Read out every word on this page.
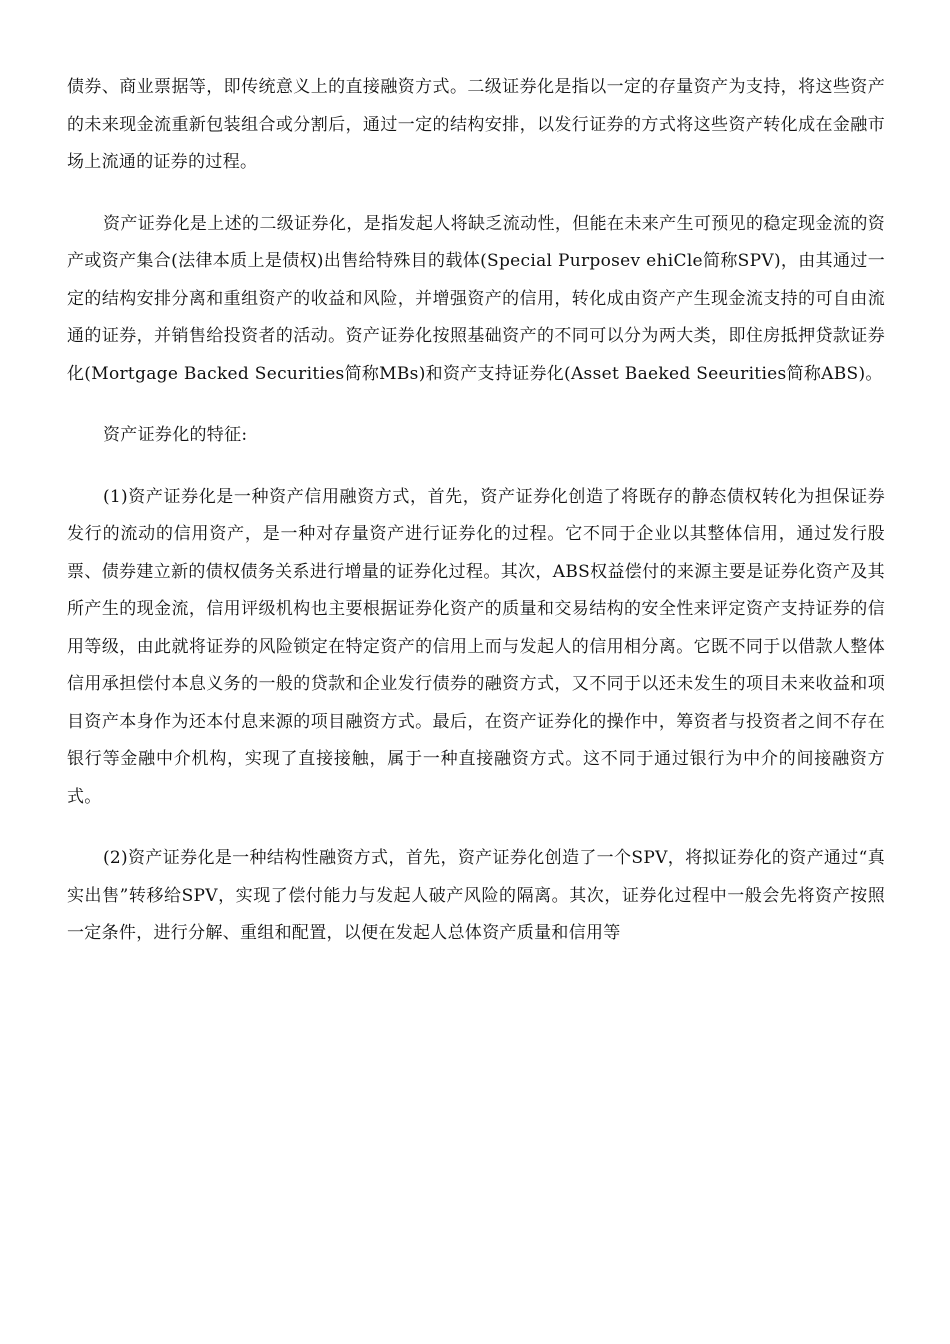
债券、商业票据等，即传统意义上的直接融资方式。二级证券化是指以一定的存量资产为支持，将这些资产的未来现金流重新包装组合或分割后，通过一定的结构安排，以发行证券的方式将这些资产转化成在金融市场上流通的证券的过程。

资产证券化是上述的二级证券化，是指发起人将缺乏流动性，但能在未来产生可预见的稳定现金流的资产或资产集合(法律本质上是债权)出售给特殊目的载体(Special Purposev ehiCle简称SPV)，由其通过一定的结构安排分离和重组资产的收益和风险，并增强资产的信用，转化成由资产产生现金流支持的可自由流通的证券，并销售给投资者的活动。资产证券化按照基础资产的不同可以分为两大类，即住房抵押贷款证券化(Mortgage Backed Securities简称MBs)和资产支持证券化(Asset Baeked Seeurities简称ABS)。

资产证券化的特征:

(1)资产证券化是一种资产信用融资方式，首先，资产证券化创造了将既存的静态债权转化为担保证券发行的流动的信用资产，是一种对存量资产进行证券化的过程。它不同于企业以其整体信用，通过发行股票、债券建立新的债权债务关系进行增量的证券化过程。其次，ABS权益偿付的来源主要是证券化资产及其所产生的现金流，信用评级机构也主要根据证券化资产的质量和交易结构的安全性来评定资产支持证券的信用等级，由此就将证券的风险锁定在特定资产的信用上而与发起人的信用相分离。它既不同于以借款人整体信用承担偿付本息义务的一般的贷款和企业发行债券的融资方式，又不同于以还未发生的项目未来收益和项目资产本身作为还本付息来源的项目融资方式。最后，在资产证券化的操作中，筹资者与投资者之间不存在银行等金融中介机构，实现了直接接触，属于一种直接融资方式。这不同于通过银行为中介的间接融资方式。

(2)资产证券化是一种结构性融资方式，首先，资产证券化创造了一个SPV，将拟证券化的资产通过“真实出售”转移给SPV，实现了偿付能力与发起人破产风险的隔离。其次，证券化过程中一般会先将资产按照一定条件，进行分解、重组和配置，以便在发起人总体资产质量和信用等
